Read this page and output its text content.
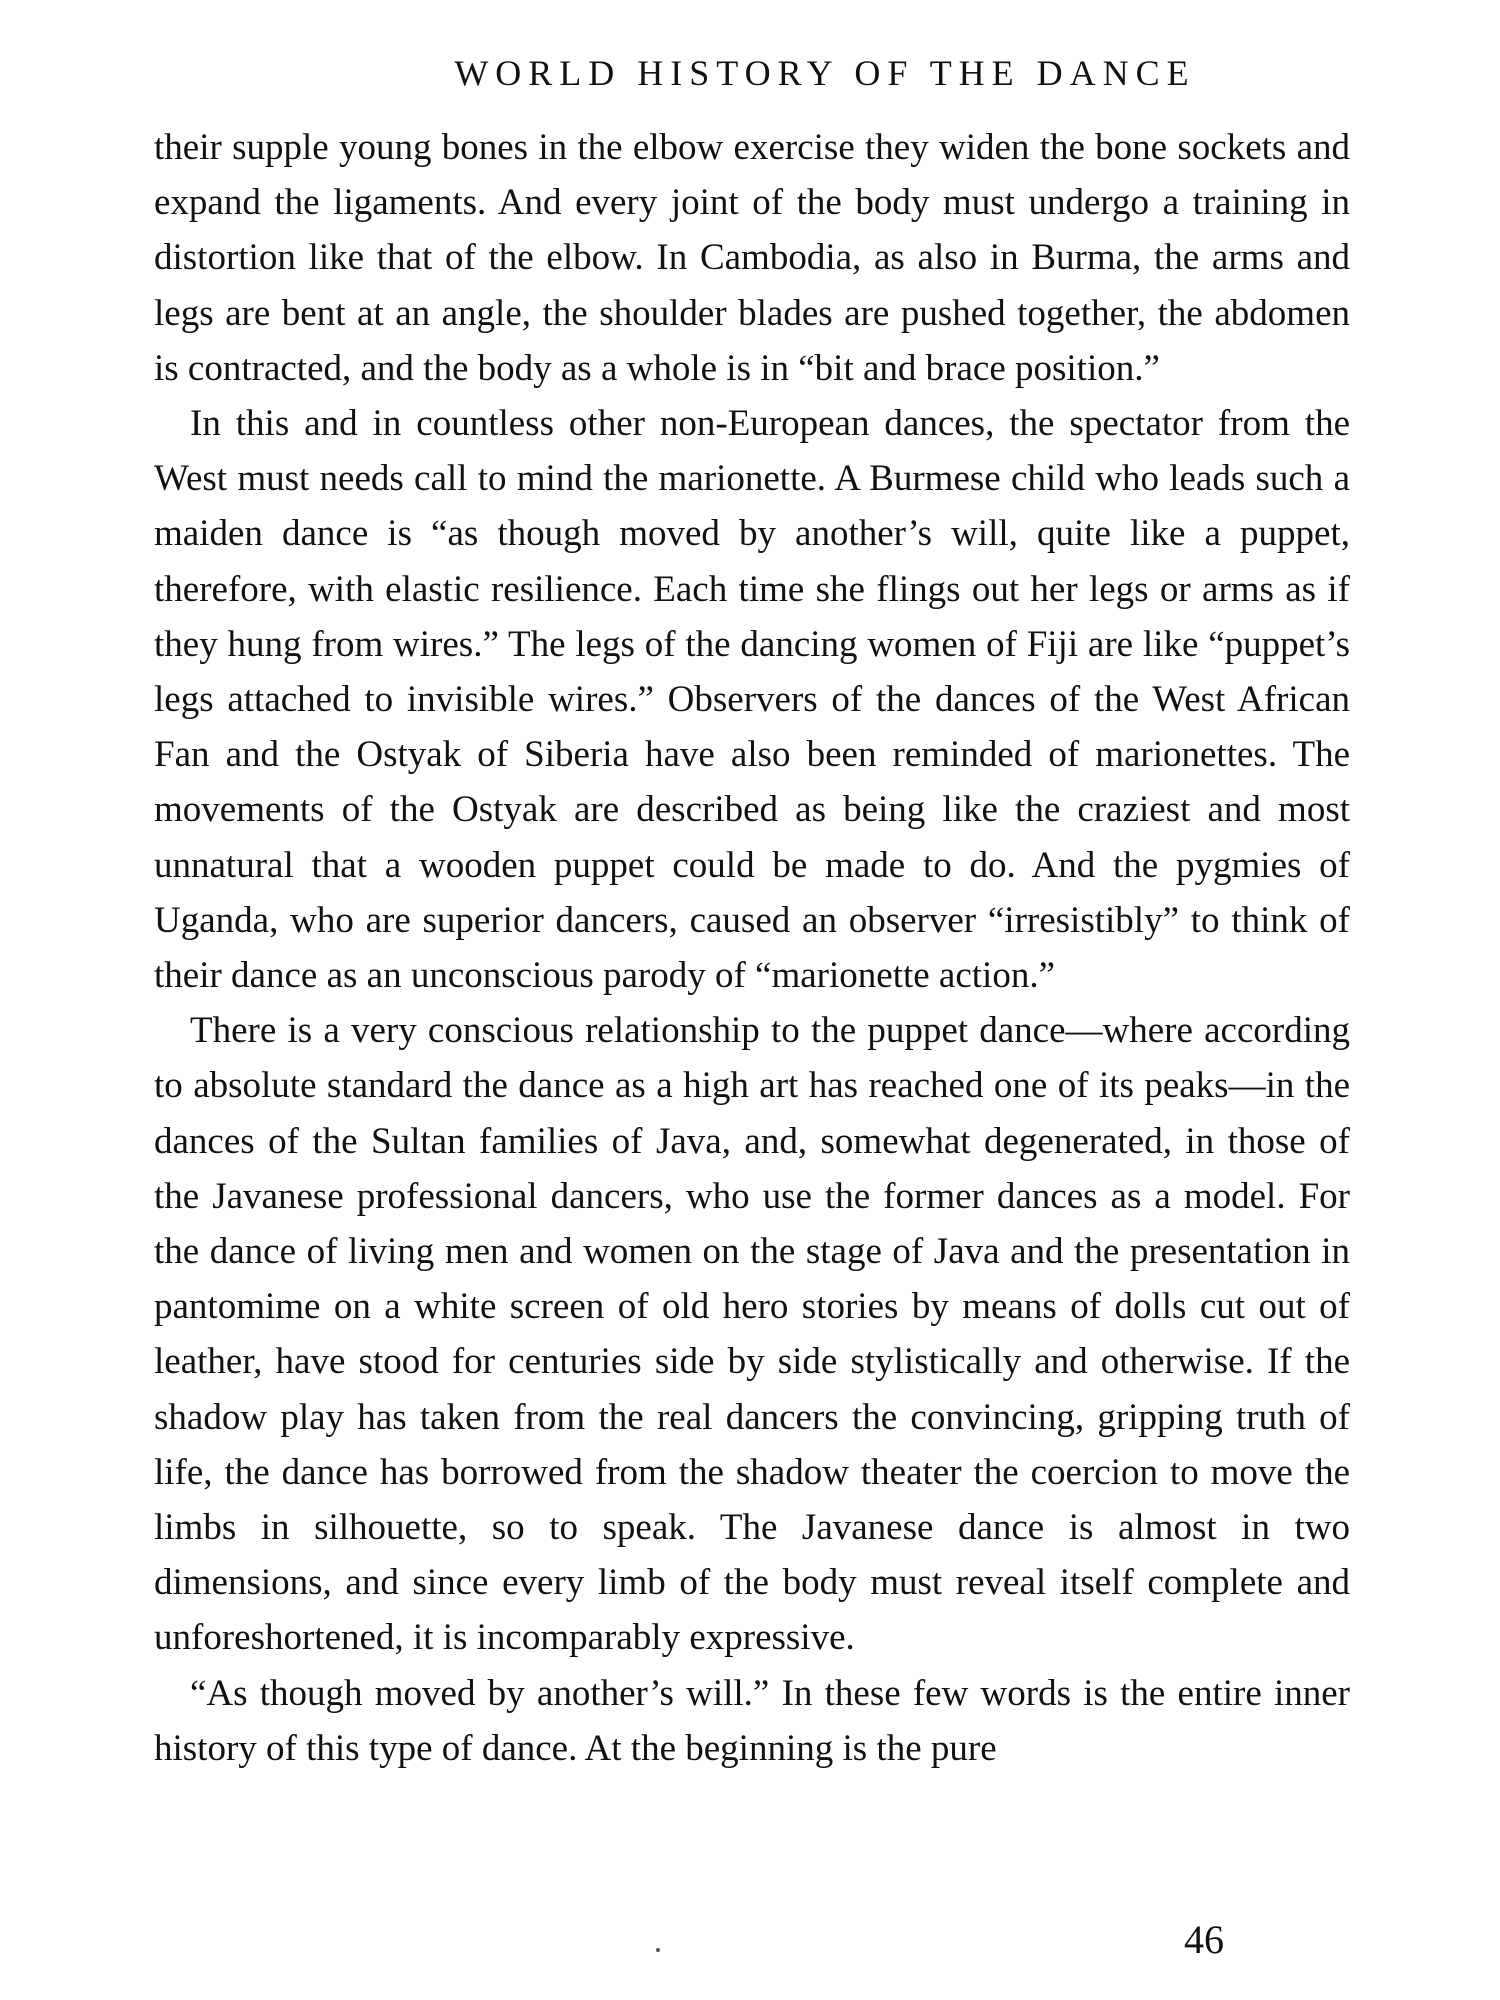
WORLD HISTORY OF THE DANCE

their supple young bones in the elbow exercise they widen the bone sockets and expand the ligaments. And every joint of the body must undergo a training in distortion like that of the elbow. In Cambodia, as also in Burma, the arms and legs are bent at an angle, the shoulder blades are pushed together, the abdomen is contracted, and the body as a whole is in “bit and brace position.”

In this and in countless other non-European dances, the spectator from the West must needs call to mind the marionette. A Burmese child who leads such a maiden dance is “as though moved by another’s will, quite like a puppet, therefore, with elastic resilience. Each time she flings out her legs or arms as if they hung from wires.” The legs of the dancing women of Fiji are like “puppet’s legs attached to invisible wires.” Observers of the dances of the West African Fan and the Ostyak of Siberia have also been reminded of marionettes. The movements of the Ostyak are described as being like the craziest and most unnatural that a wooden puppet could be made to do. And the pygmies of Uganda, who are superior dancers, caused an observer “irresistibly” to think of their dance as an unconscious parody of “marionette action.”

There is a very conscious relationship to the puppet dance—where according to absolute standard the dance as a high art has reached one of its peaks—in the dances of the Sultan families of Java, and, somewhat degenerated, in those of the Javanese professional dancers, who use the former dances as a model. For the dance of living men and women on the stage of Java and the presentation in pantomime on a white screen of old hero stories by means of dolls cut out of leather, have stood for centuries side by side stylistically and otherwise. If the shadow play has taken from the real dancers the convincing, gripping truth of life, the dance has borrowed from the shadow theater the coercion to move the limbs in silhouette, so to speak. The Javanese dance is almost in two dimensions, and since every limb of the body must reveal itself complete and unforeshortened, it is incomparably expressive.

“As though moved by another’s will.” In these few words is the entire inner history of this type of dance. At the beginning is the pure

46
